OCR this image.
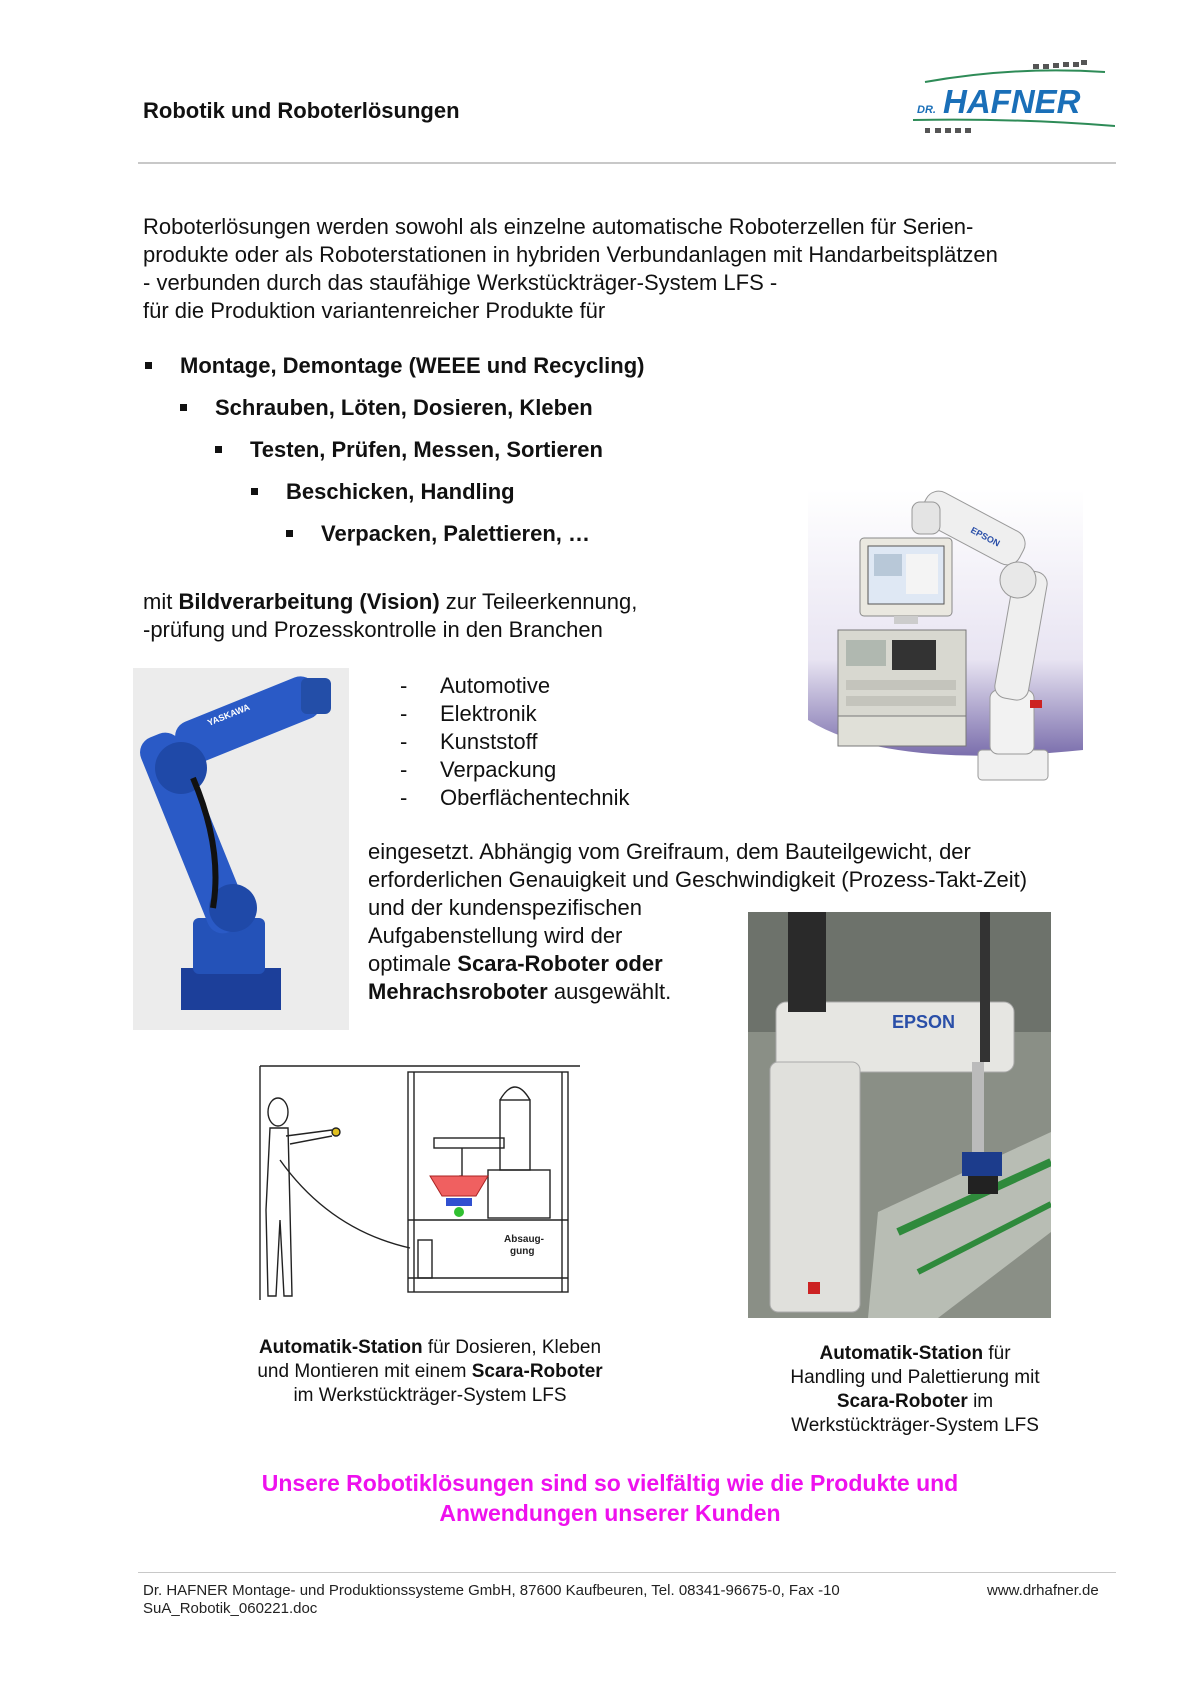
Robotik und Roboterlösungen	DR. HAFNER
Roboterlösungen werden sowohl als einzelne automatische Roboterzellen für Serien-
produkte oder als Roboterstationen in hybriden Verbundanlagen mit Handarbeitsplätzen
- verbunden durch das staufähige Werkstückträger-System LFS -
für die Produktion variantenreicher Produkte für
Montage, Demontage (WEEE und Recycling)
Schrauben, Löten, Dosieren, Kleben
Testen, Prüfen, Messen, Sortieren
Beschicken, Handling
Verpacken, Palettieren, …
mit Bildverarbeitung (Vision) zur Teileerkennung,
-prüfung und Prozesskontrolle in den Branchen
EPSON
YASKAWA
- Automotive
- Elektronik
- Kunststoff
- Verpackung
- Oberflächentechnik
eingesetzt. Abhängig vom Greifraum, dem Bauteilgewicht, der
erforderlichen Genauigkeit und Geschwindigkeit (Prozess-Takt-Zeit)
und der kundenspezifischen
Aufgabenstellung wird der
optimale Scara-Roboter oder
Mehrachsroboter ausgewählt.
EPSON
Absaug-
gung
Automatik-Station für Dosieren, Kleben
und Montieren mit einem Scara-Roboter
im Werkstückträger-System LFS
Automatik-Station für
Handling und Palettierung mit
Scara-Roboter im
Werkstückträger-System LFS
Unsere Robotiklösungen sind so vielfältig wie die Produkte und
Anwendungen unserer Kunden
Dr. HAFNER Montage- und Produktionssysteme GmbH, 87600 Kaufbeuren, Tel. 08341-96675-0, Fax -10	www.drhafner.de
SuA_Robotik_060221.doc
